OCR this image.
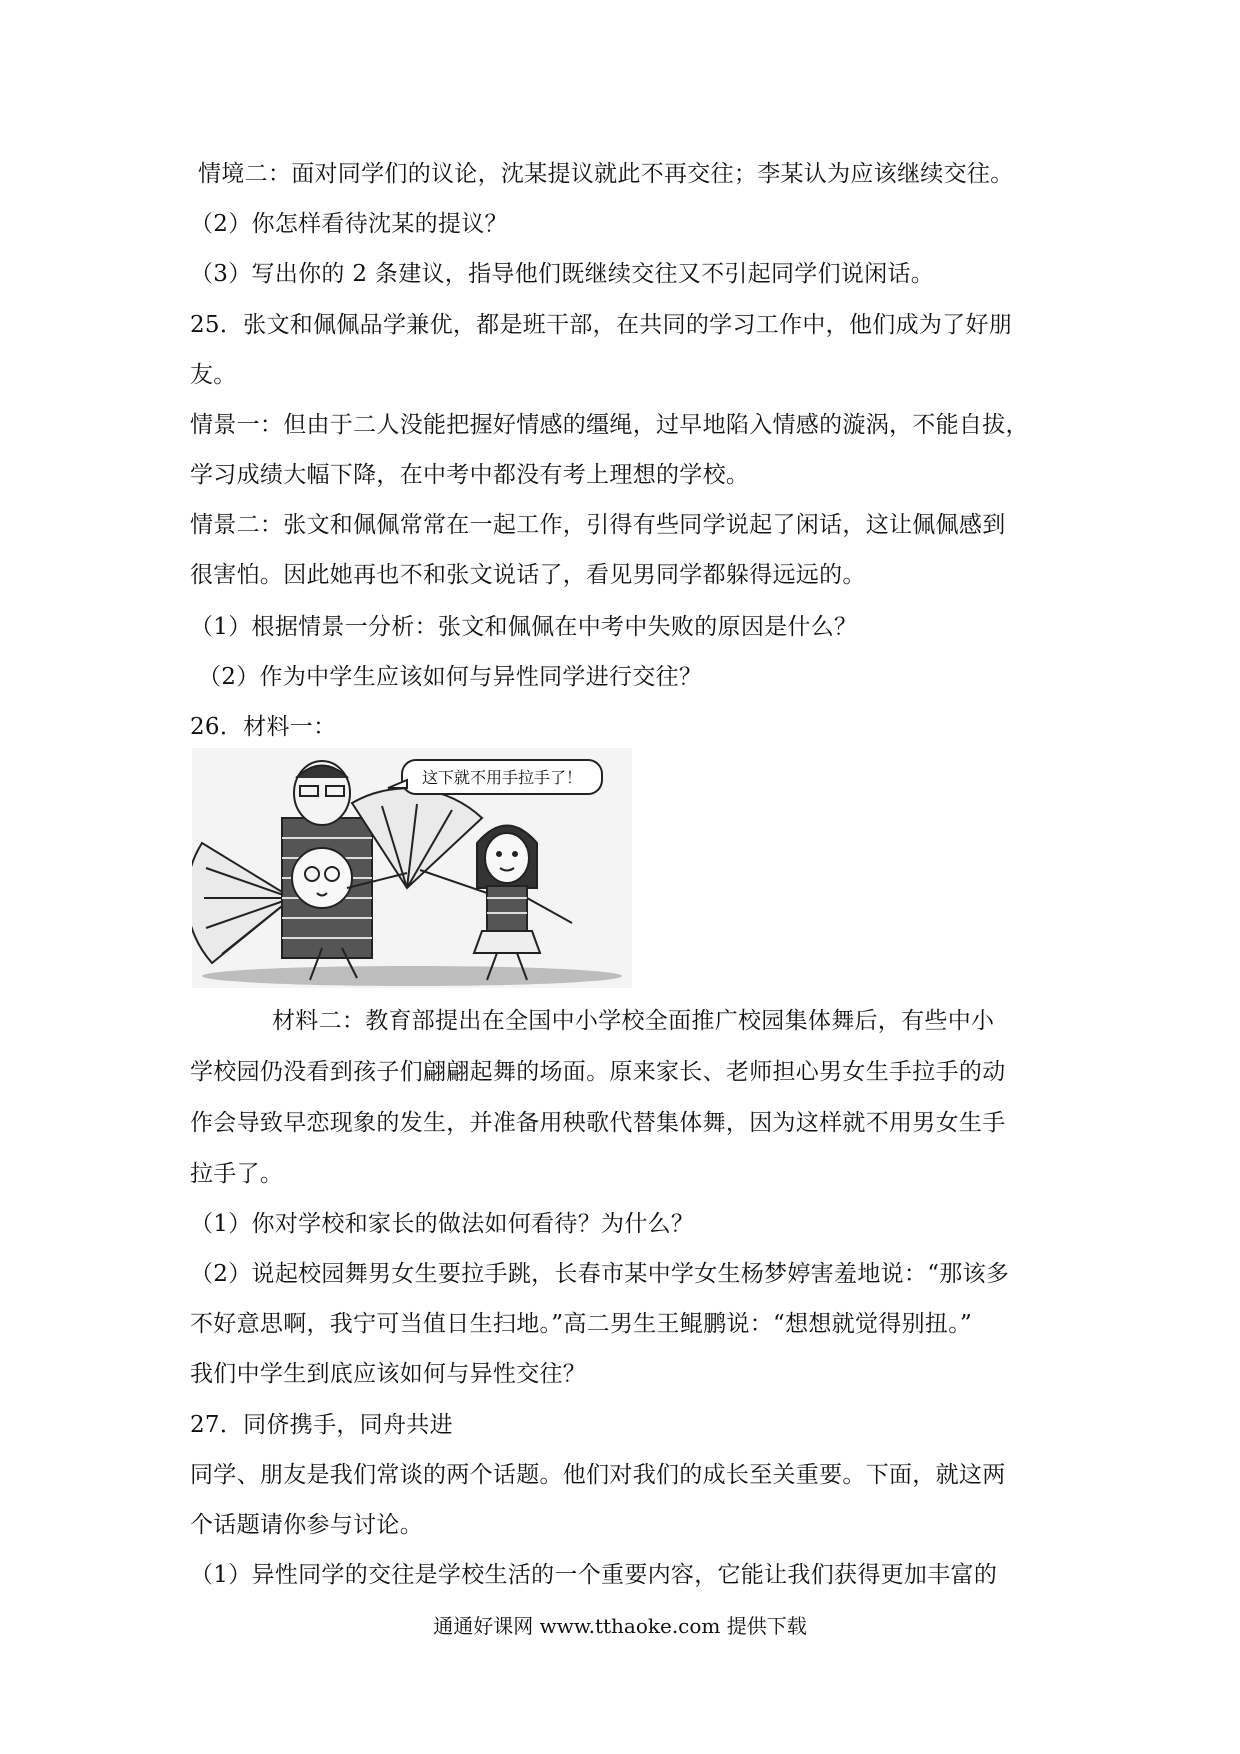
情境二：面对同学们的议论，沈某提议就此不再交往；李某认为应该继续交往。
（2）你怎样看待沈某的提议？
（3）写出你的 2 条建议，指导他们既继续交往又不引起同学们说闲话。
25．张文和佩佩品学兼优，都是班干部，在共同的学习工作中，他们成为了好朋
友。
情景一：但由于二人没能把握好情感的缰绳，过早地陷入情感的漩涡，不能自拔，
学习成绩大幅下降，在中考中都没有考上理想的学校。
情景二：张文和佩佩常常在一起工作，引得有些同学说起了闲话，这让佩佩感到
很害怕。因此她再也不和张文说话了，看见男同学都躲得远远的。
（1）根据情景一分析：张文和佩佩在中考中失败的原因是什么？
（2）作为中学生应该如何与异性同学进行交往？
26．材料一：
这下就不用手拉手了！
材料二：教育部提出在全国中小学校全面推广校园集体舞后，有些中小
学校园仍没看到孩子们翩翩起舞的场面。原来家长、老师担心男女生手拉手的动
作会导致早恋现象的发生，并准备用秧歌代替集体舞，因为这样就不用男女生手
拉手了。
（1）你对学校和家长的做法如何看待？为什么？
（2）说起校园舞男女生要拉手跳，长春市某中学女生杨梦婷害羞地说：“那该多
不好意思啊，我宁可当值日生扫地。”高二男生王鲲鹏说：“想想就觉得别扭。”
我们中学生到底应该如何与异性交往？
27．同侪携手，同舟共进
同学、朋友是我们常谈的两个话题。他们对我们的成长至关重要。下面，就这两
个话题请你参与讨论。
（1）异性同学的交往是学校生活的一个重要内容，它能让我们获得更加丰富的
通通好课网 www.tthaoke.com 提供下载
